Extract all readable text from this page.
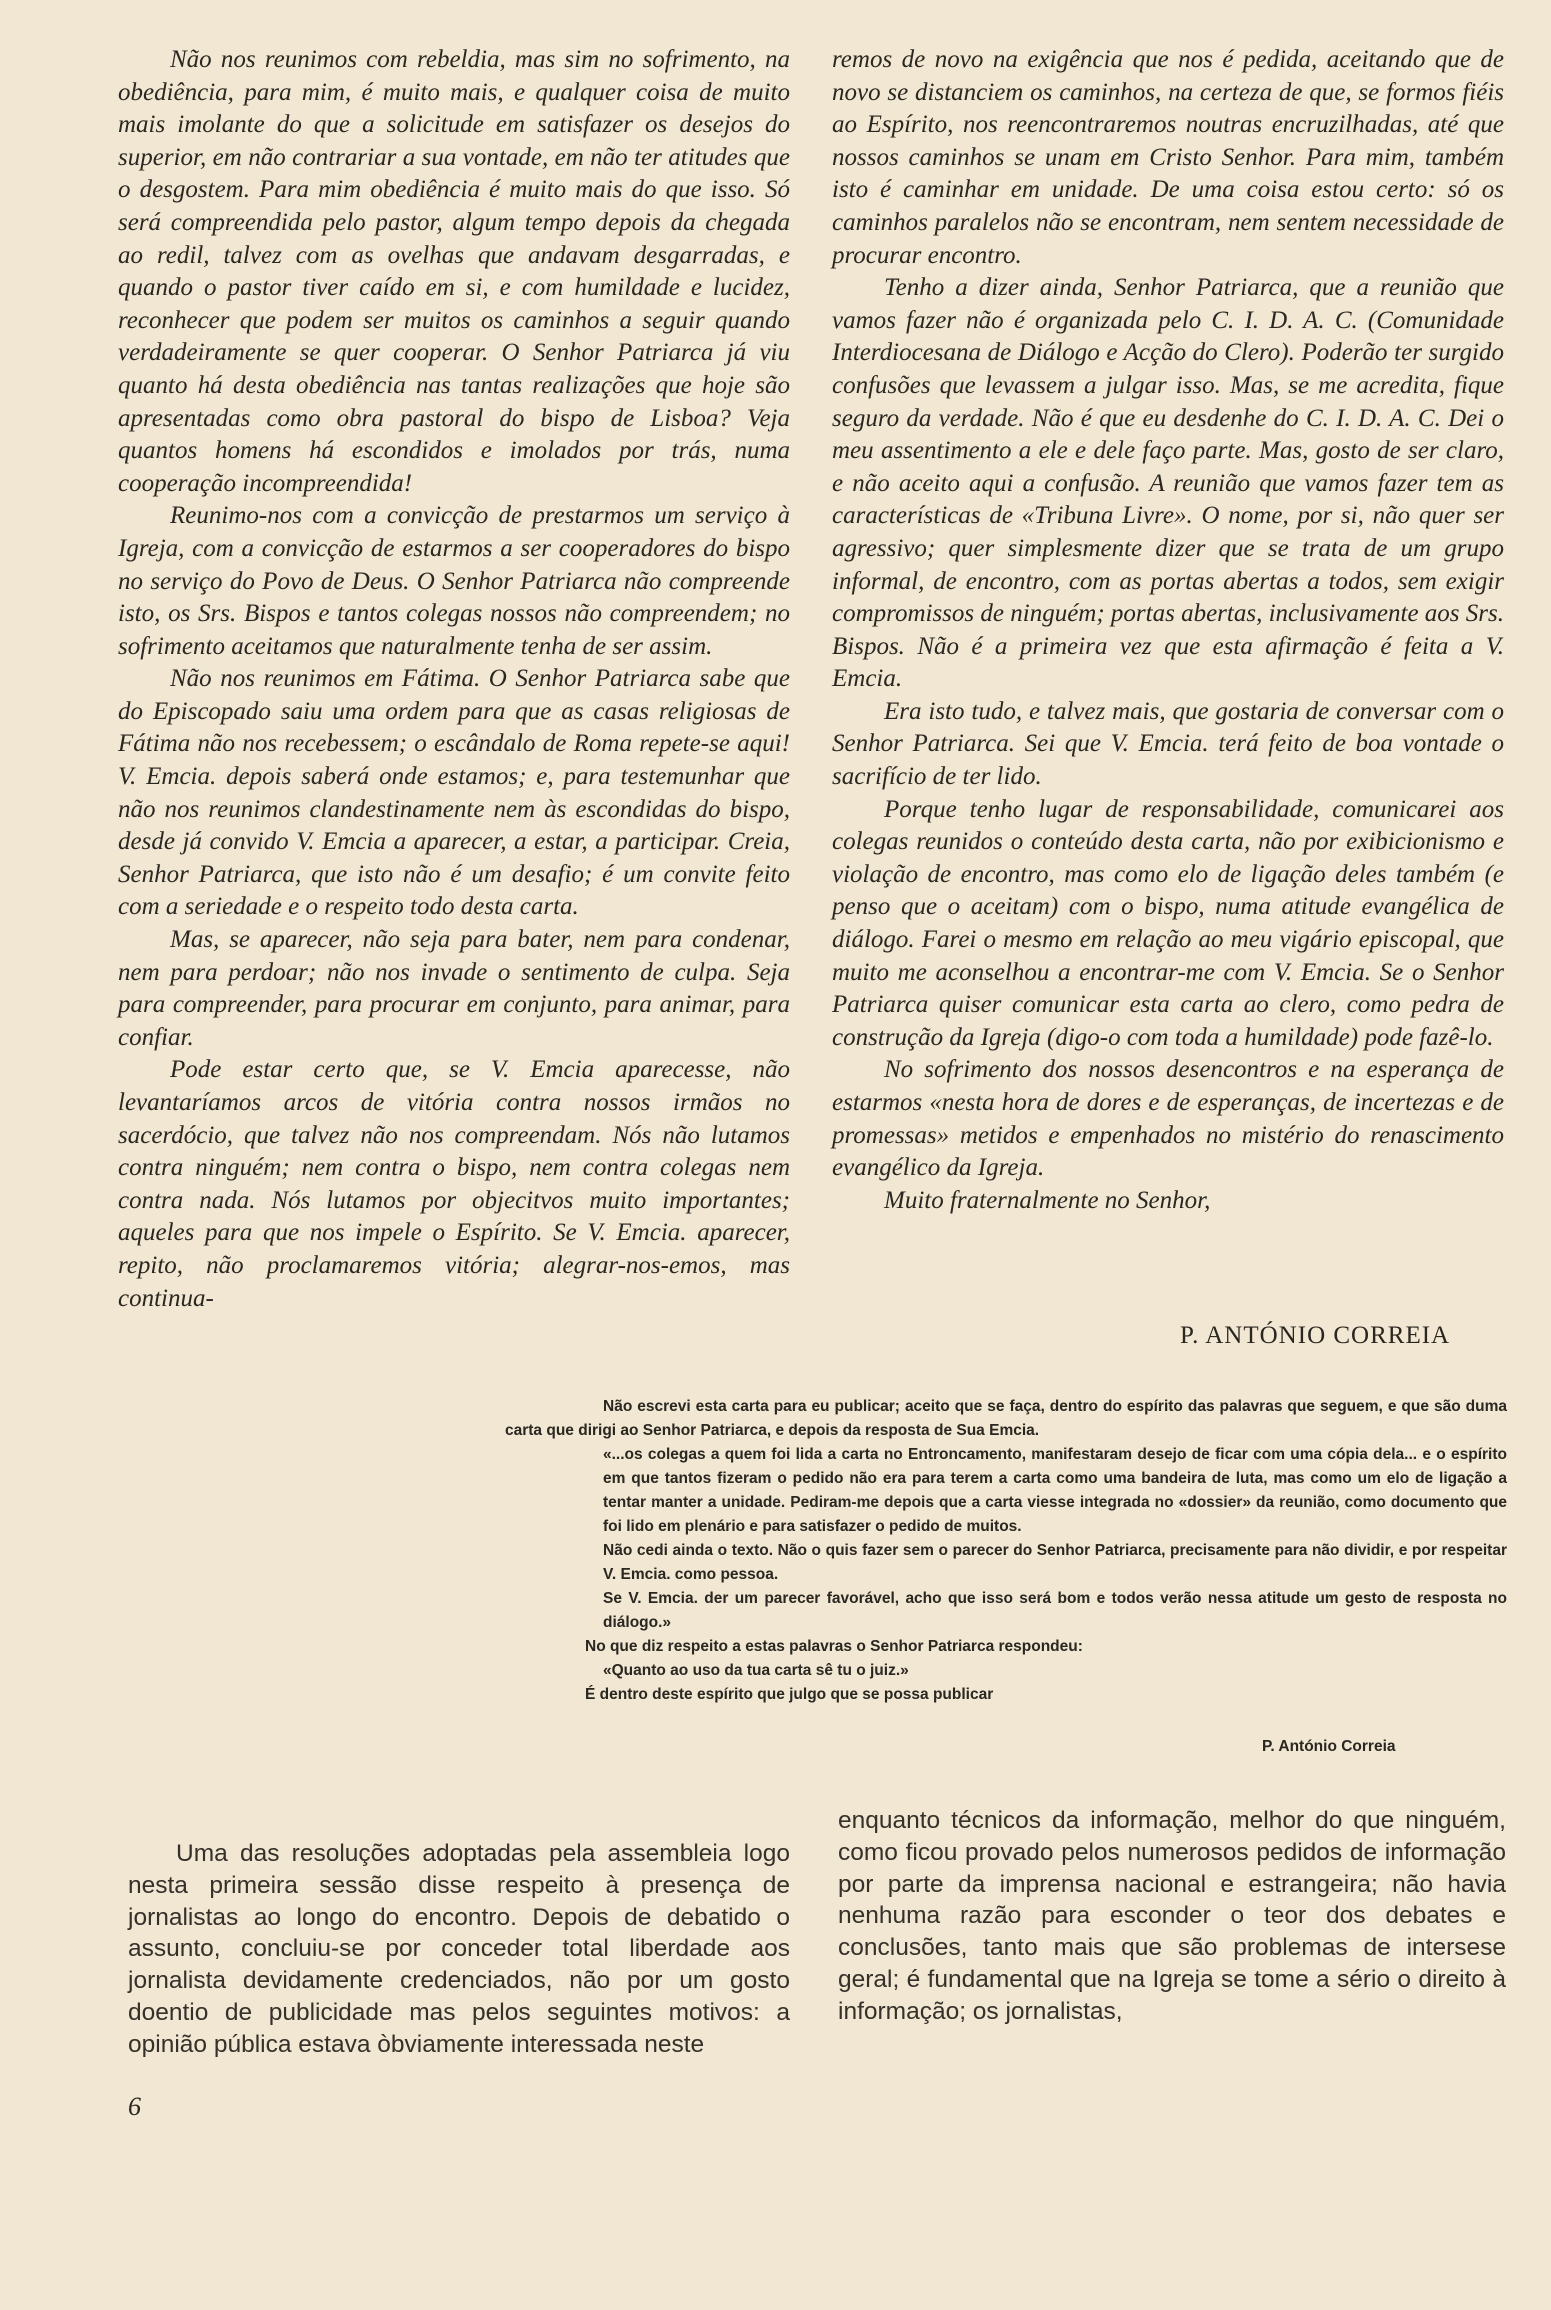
Não nos reunimos com rebeldia, mas sim no sofrimento, na obediência, para mim, é muito mais, e qualquer coisa de muito mais imolante do que a solicitude em satisfazer os desejos do superior, em não contrariar a sua vontade, em não ter atitudes que o desgostem. Para mim obediência é muito mais do que isso. Só será compreendida pelo pastor, algum tempo depois da chegada ao redil, talvez com as ovelhas que andavam desgarradas, e quando o pastor tiver caído em si, e com humildade e lucidez, reconhecer que podem ser muitos os caminhos a seguir quando verdadeiramente se quer cooperar. O Senhor Patriarca já viu quanto há desta obediência nas tantas realizações que hoje são apresentadas como obra pastoral do bispo de Lisboa? Veja quantos homens há escondidos e imolados por trás, numa cooperação incompreendida!

Reunimo-nos com a convicção de prestarmos um serviço à Igreja, com a convicção de estarmos a ser cooperadores do bispo no serviço do Povo de Deus. O Senhor Patriarca não compreende isto, os Srs. Bispos e tantos colegas nossos não compreendem; no sofrimento aceitamos que naturalmente tenha de ser assim.

Não nos reunimos em Fátima. O Senhor Patriarca sabe que do Episcopado saiu uma ordem para que as casas religiosas de Fátima não nos recebessem; o escândalo de Roma repete-se aqui! V. Emcia. depois saberá onde estamos; e, para testemunhar que não nos reunimos clandestinamente nem às escondidas do bispo, desde já convido V. Emcia a aparecer, a estar, a participar. Creia, Senhor Patriarca, que isto não é um desafio; é um convite feito com a seriedade e o respeito todo desta carta.

Mas, se aparecer, não seja para bater, nem para condenar, nem para perdoar; não nos invade o sentimento de culpa. Seja para compreender, para procurar em conjunto, para animar, para confiar.

Pode estar certo que, se V. Emcia aparecesse, não levantaríamos arcos de vitória contra nossos irmãos no sacerdócio, que talvez não nos compreendam. Nós não lutamos contra ninguém; nem contra o bispo, nem contra colegas nem contra nada. Nós lutamos por objecitvos muito importantes; aqueles para que nos impele o Espírito. Se V. Emcia. aparecer, repito, não proclamaremos vitória; alegrar-nos-emos, mas continua-

remos de novo na exigência que nos é pedida, aceitando que de novo se distanciem os caminhos, na certeza de que, se formos fiéis ao Espírito, nos reencontraremos noutras encruzilhadas, até que nossos caminhos se unam em Cristo Senhor. Para mim, também isto é caminhar em unidade. De uma coisa estou certo: só os caminhos paralelos não se encontram, nem sentem necessidade de procurar encontro.

Tenho a dizer ainda, Senhor Patriarca, que a reunião que vamos fazer não é organizada pelo C. I. D. A. C. (Comunidade Interdiocesana de Diálogo e Acção do Clero). Poderão ter surgido confusões que levassem a julgar isso. Mas, se me acredita, fique seguro da verdade. Não é que eu desdenhe do C. I. D. A. C. Dei o meu assentimento a ele e dele faço parte. Mas, gosto de ser claro, e não aceito aqui a confusão. A reunião que vamos fazer tem as características de «Tribuna Livre». O nome, por si, não quer ser agressivo; quer simplesmente dizer que se trata de um grupo informal, de encontro, com as portas abertas a todos, sem exigir compromissos de ninguém; portas abertas, inclusivamente aos Srs. Bispos. Não é a primeira vez que esta afirmação é feita a V. Emcia.

Era isto tudo, e talvez mais, que gostaria de conversar com o Senhor Patriarca. Sei que V. Emcia. terá feito de boa vontade o sacrifício de ter lido.

Porque tenho lugar de responsabilidade, comunicarei aos colegas reunidos o conteúdo desta carta, não por exibicionismo e violação de encontro, mas como elo de ligação deles também (e penso que o aceitam) com o bispo, numa atitude evangélica de diálogo. Farei o mesmo em relação ao meu vigário episcopal, que muito me aconselhou a encontrar-me com V. Emcia. Se o Senhor Patriarca quiser comunicar esta carta ao clero, como pedra de construção da Igreja (digo-o com toda a humildade) pode fazê-lo.

No sofrimento dos nossos desencontros e na esperança de estarmos «nesta hora de dores e de esperanças, de incertezas e de promessas» metidos e empenhados no mistério do renascimento evangélico da Igreja.

Muito fraternalmente no Senhor,

P. ANTÓNIO CORREIA

Não escrevi esta carta para eu publicar; aceito que se faça, dentro do espírito das palavras que seguem, e que são duma carta que dirigi ao Senhor Patriarca, e depois da resposta de Sua Emcia.

«...os colegas a quem foi lida a carta no Entroncamento, manifestaram desejo de ficar com uma cópia dela... e o espírito em que tantos fizeram o pedido não era para terem a carta como uma bandeira de luta, mas como um elo de ligação a tentar manter a unidade. Pediram-me depois que a carta viesse integrada no «dossier» da reunião, como documento que foi lido em plenário e para satisfazer o pedido de muitos.

Não cedi ainda o texto. Não o quis fazer sem o parecer do Senhor Patriarca, precisamente para não dividir, e por respeitar V. Emcia. como pessoa.

Se V. Emcia. der um parecer favorável, acho que isso será bom e todos verão nessa atitude um gesto de resposta no diálogo.»

No que diz respeito a estas palavras o Senhor Patriarca respondeu:

«Quanto ao uso da tua carta sê tu o juiz.»

É dentro deste espírito que julgo que se possa publicar

P. António Correia

Uma das resoluções adoptadas pela assembleia logo nesta primeira sessão disse respeito à presença de jornalistas ao longo do encontro. Depois de debatido o assunto, concluiu-se por conceder total liberdade aos jornalista devidamente credenciados, não por um gosto doentio de publicidade mas pelos seguintes motivos: a opinião pública estava òbviamente interessada neste

enquanto técnicos da informação, melhor do que ninguém, como ficou provado pelos numerosos pedidos de informação por parte da imprensa nacional e estrangeira; não havia nenhuma razão para esconder o teor dos debates e conclusões, tanto mais que são problemas de intersese geral; é fundamental que na Igreja se tome a sério o direito à informação; os jornalistas,

6
